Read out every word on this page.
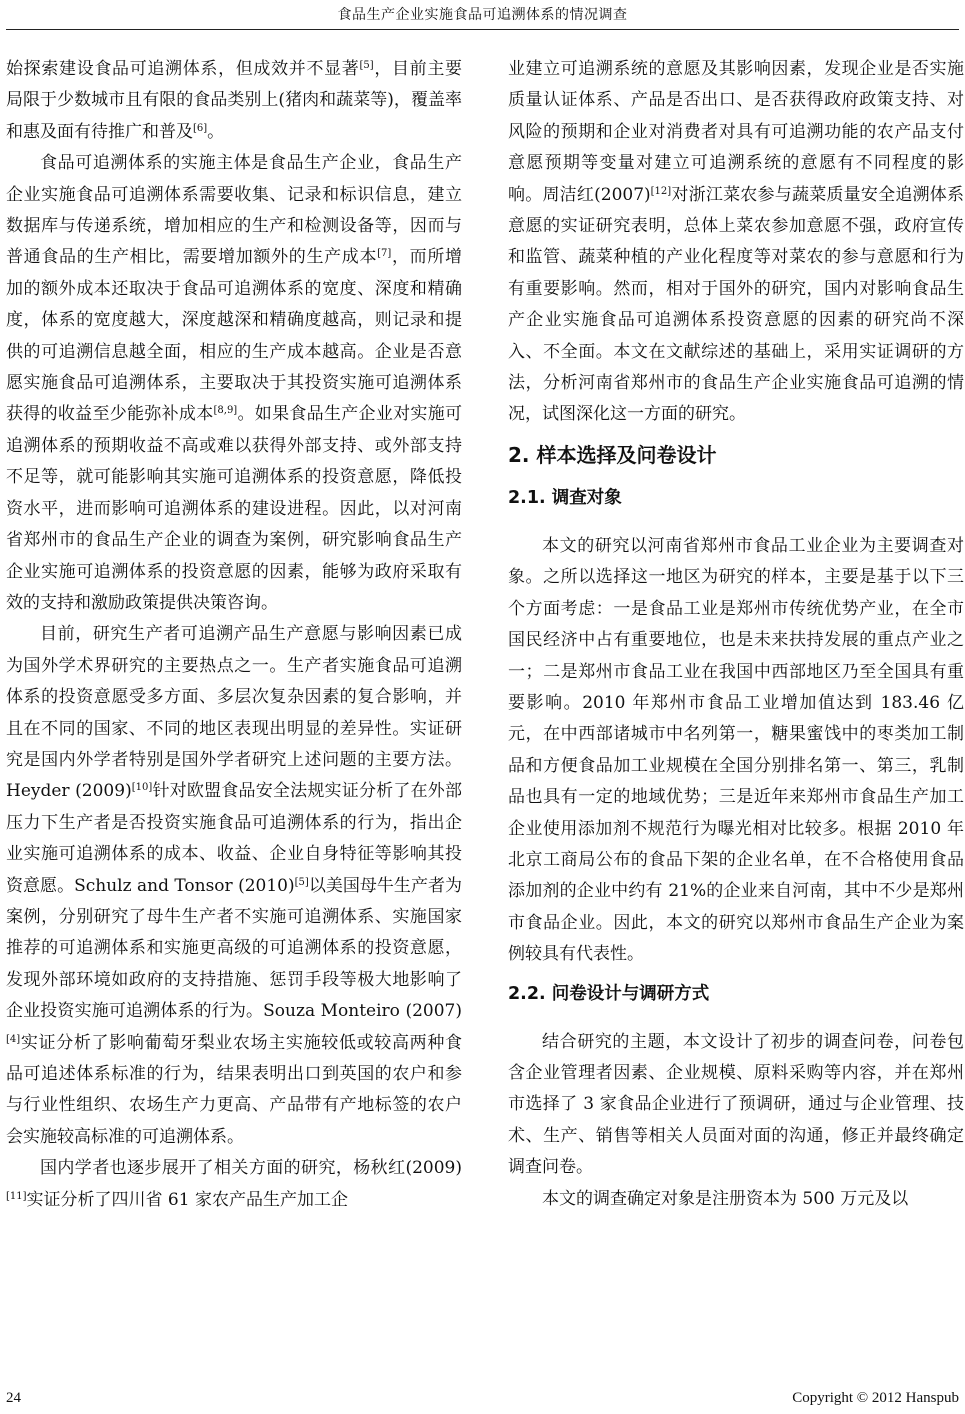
食品生产企业实施食品可追溯体系的情况调查

始探索建设食品可追溯体系，但成效并不显著[5]，目前主要局限于少数城市且有限的食品类别上(猪肉和蔬菜等)，覆盖率和惠及面有待推广和普及[6]。

食品可追溯体系的实施主体是食品生产企业，食品生产企业实施食品可追溯体系需要收集、记录和标识信息，建立数据库与传递系统，增加相应的生产和检测设备等，因而与普通食品的生产相比，需要增加额外的生产成本[7]，而所增加的额外成本还取决于食品可追溯体系的宽度、深度和精确度，体系的宽度越大，深度越深和精确度越高，则记录和提供的可追溯信息越全面，相应的生产成本越高。企业是否意愿实施食品可追溯体系，主要取决于其投资实施可追溯体系获得的收益至少能弥补成本[8,9]。如果食品生产企业对实施可追溯体系的预期收益不高或难以获得外部支持、或外部支持不足等，就可能影响其实施可追溯体系的投资意愿，降低投资水平，进而影响可追溯体系的建设进程。因此，以对河南省郑州市的食品生产企业的调查为案例，研究影响食品生产企业实施可追溯体系的投资意愿的因素，能够为政府采取有效的支持和激励政策提供决策咨询。

目前，研究生产者可追溯产品生产意愿与影响因素已成为国外学术界研究的主要热点之一。生产者实施食品可追溯体系的投资意愿受多方面、多层次复杂因素的复合影响，并且在不同的国家、不同的地区表现出明显的差异性。实证研究是国内外学者特别是国外学者研究上述问题的主要方法。Heyder (2009)[10]针对欧盟食品安全法规实证分析了在外部压力下生产者是否投资实施食品可追溯体系的行为，指出企业实施可追溯体系的成本、收益、企业自身特征等影响其投资意愿。Schulz and Tonsor (2010)[5]以美国母牛生产者为案例，分别研究了母牛生产者不实施可追溯体系、实施国家推荐的可追溯体系和实施更高级的可追溯体系的投资意愿，发现外部环境如政府的支持措施、惩罚手段等极大地影响了企业投资实施可追溯体系的行为。Souza Monteiro (2007)[4]实证分析了影响葡萄牙梨业农场主实施较低或较高两种食品可追述体系标准的行为，结果表明出口到英国的农户和参与行业性组织、农场生产力更高、产品带有产地标签的农户会实施较高标准的可追溯体系。

国内学者也逐步展开了相关方面的研究，杨秋红(2009)[11]实证分析了四川省 61 家农产品生产加工企

业建立可追溯系统的意愿及其影响因素，发现企业是否实施质量认证体系、产品是否出口、是否获得政府政策支持、对风险的预期和企业对消费者对具有可追溯功能的农产品支付意愿预期等变量对建立可追溯系统的意愿有不同程度的影响。周洁红(2007)[12]对浙江菜农参与蔬菜质量安全追溯体系意愿的实证研究表明，总体上菜农参加意愿不强，政府宣传和监管、蔬菜种植的产业化程度等对菜农的参与意愿和行为有重要影响。然而，相对于国外的研究，国内对影响食品生产企业实施食品可追溯体系投资意愿的因素的研究尚不深入、不全面。本文在文献综述的基础上，采用实证调研的方法，分析河南省郑州市的食品生产企业实施食品可追溯的情况，试图深化这一方面的研究。

2. 样本选择及问卷设计
2.1. 调查对象

本文的研究以河南省郑州市食品工业企业为主要调查对象。之所以选择这一地区为研究的样本，主要是基于以下三个方面考虑：一是食品工业是郑州市传统优势产业，在全市国民经济中占有重要地位，也是未来扶持发展的重点产业之一；二是郑州市食品工业在我国中西部地区乃至全国具有重要影响。2010 年郑州市食品工业增加值达到 183.46 亿元，在中西部诸城市中名列第一，糖果蜜饯中的枣类加工制品和方便食品加工业规模在全国分别排名第一、第三，乳制品也具有一定的地域优势；三是近年来郑州市食品生产加工企业使用添加剂不规范行为曝光相对比较多。根据 2010 年北京工商局公布的食品下架的企业名单，在不合格使用食品添加剂的企业中约有 21%的企业来自河南，其中不少是郑州市食品企业。因此，本文的研究以郑州市食品生产企业为案例较具有代表性。

2.2. 问卷设计与调研方式

结合研究的主题，本文设计了初步的调查问卷，问卷包含企业管理者因素、企业规模、原料采购等内容，并在郑州市选择了 3 家食品企业进行了预调研，通过与企业管理、技术、生产、销售等相关人员面对面的沟通，修正并最终确定调查问卷。

本文的调查确定对象是注册资本为 500 万元及以

24	Copyright © 2012 Hanspub
